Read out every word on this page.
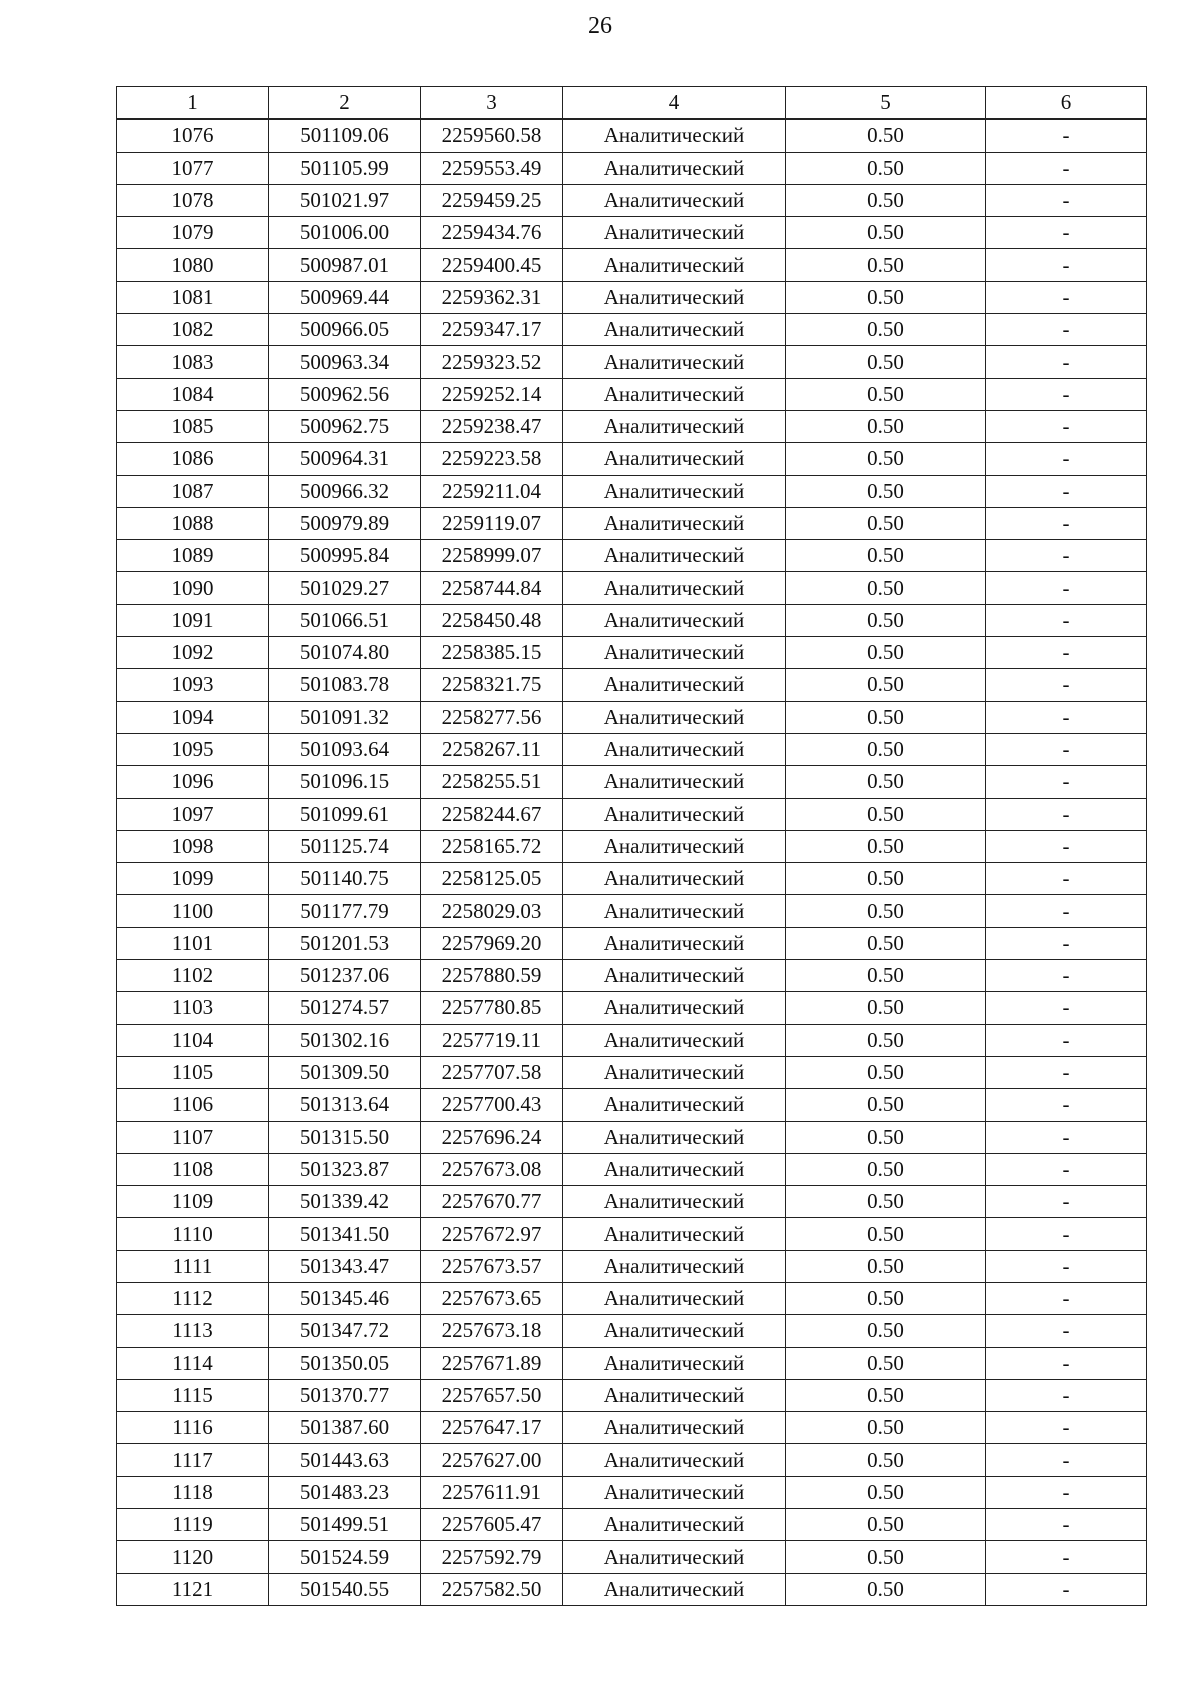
26
1	2	3	4	5	6
1076	501109.06	2259560.58	Аналитический	0.50	-
1077	501105.99	2259553.49	Аналитический	0.50	-
1078	501021.97	2259459.25	Аналитический	0.50	-
1079	501006.00	2259434.76	Аналитический	0.50	-
1080	500987.01	2259400.45	Аналитический	0.50	-
1081	500969.44	2259362.31	Аналитический	0.50	-
1082	500966.05	2259347.17	Аналитический	0.50	-
1083	500963.34	2259323.52	Аналитический	0.50	-
1084	500962.56	2259252.14	Аналитический	0.50	-
1085	500962.75	2259238.47	Аналитический	0.50	-
1086	500964.31	2259223.58	Аналитический	0.50	-
1087	500966.32	2259211.04	Аналитический	0.50	-
1088	500979.89	2259119.07	Аналитический	0.50	-
1089	500995.84	2258999.07	Аналитический	0.50	-
1090	501029.27	2258744.84	Аналитический	0.50	-
1091	501066.51	2258450.48	Аналитический	0.50	-
1092	501074.80	2258385.15	Аналитический	0.50	-
1093	501083.78	2258321.75	Аналитический	0.50	-
1094	501091.32	2258277.56	Аналитический	0.50	-
1095	501093.64	2258267.11	Аналитический	0.50	-
1096	501096.15	2258255.51	Аналитический	0.50	-
1097	501099.61	2258244.67	Аналитический	0.50	-
1098	501125.74	2258165.72	Аналитический	0.50	-
1099	501140.75	2258125.05	Аналитический	0.50	-
1100	501177.79	2258029.03	Аналитический	0.50	-
1101	501201.53	2257969.20	Аналитический	0.50	-
1102	501237.06	2257880.59	Аналитический	0.50	-
1103	501274.57	2257780.85	Аналитический	0.50	-
1104	501302.16	2257719.11	Аналитический	0.50	-
1105	501309.50	2257707.58	Аналитический	0.50	-
1106	501313.64	2257700.43	Аналитический	0.50	-
1107	501315.50	2257696.24	Аналитический	0.50	-
1108	501323.87	2257673.08	Аналитический	0.50	-
1109	501339.42	2257670.77	Аналитический	0.50	-
1110	501341.50	2257672.97	Аналитический	0.50	-
1111	501343.47	2257673.57	Аналитический	0.50	-
1112	501345.46	2257673.65	Аналитический	0.50	-
1113	501347.72	2257673.18	Аналитический	0.50	-
1114	501350.05	2257671.89	Аналитический	0.50	-
1115	501370.77	2257657.50	Аналитический	0.50	-
1116	501387.60	2257647.17	Аналитический	0.50	-
1117	501443.63	2257627.00	Аналитический	0.50	-
1118	501483.23	2257611.91	Аналитический	0.50	-
1119	501499.51	2257605.47	Аналитический	0.50	-
1120	501524.59	2257592.79	Аналитический	0.50	-
1121	501540.55	2257582.50	Аналитический	0.50	-
